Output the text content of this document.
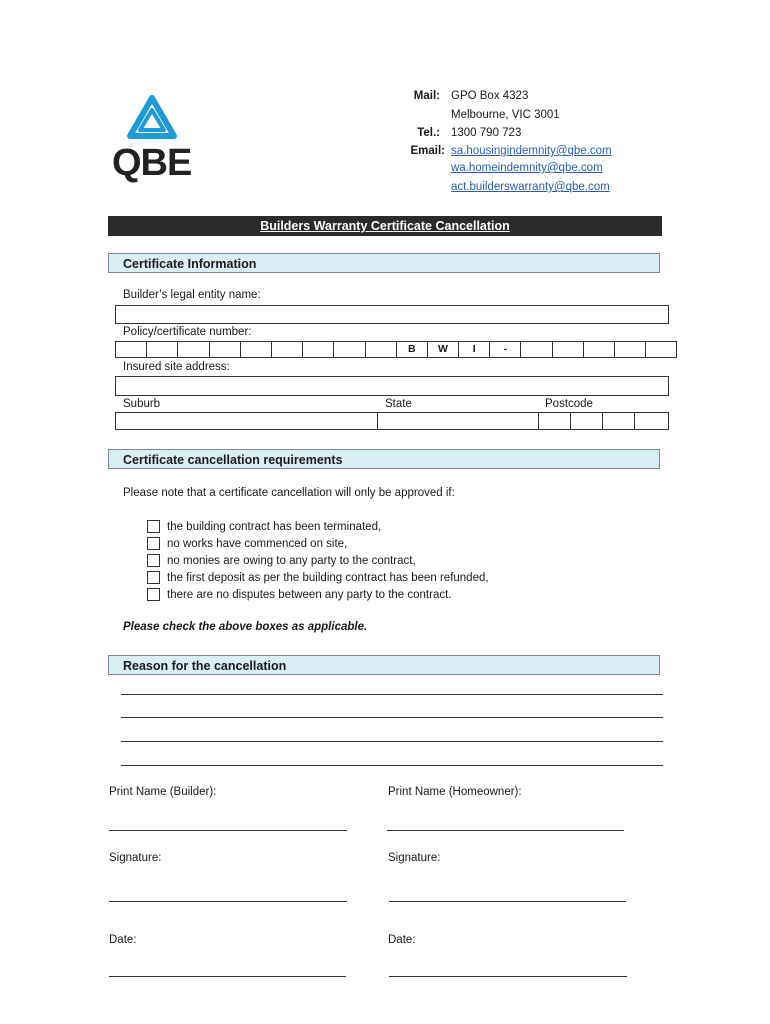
QBE
Mail: GPO Box 4323
Melbourne, VIC 3001
Tel.: 1300 790 723
Email: sa.housingindemnity@qbe.com
wa.homeindemnity@qbe.com
act.builderswarranty@qbe.com
Builders Warranty Certificate Cancellation
Certificate Information
Builder’s legal entity name:
Policy/certificate number:
B	W	I	-
Insured site address:
Suburb	State	Postcode
Certificate cancellation requirements
Please note that a certificate cancellation will only be approved if:
the building contract has been terminated,
no works have commenced on site,
no monies are owing to any party to the contract,
the first deposit as per the building contract has been refunded,
there are no disputes between any party to the contract.
Please check the above boxes as applicable.
Reason for the cancellation
Print Name (Builder):	Print Name (Homeowner):
Signature:	Signature:
Date:	Date:
